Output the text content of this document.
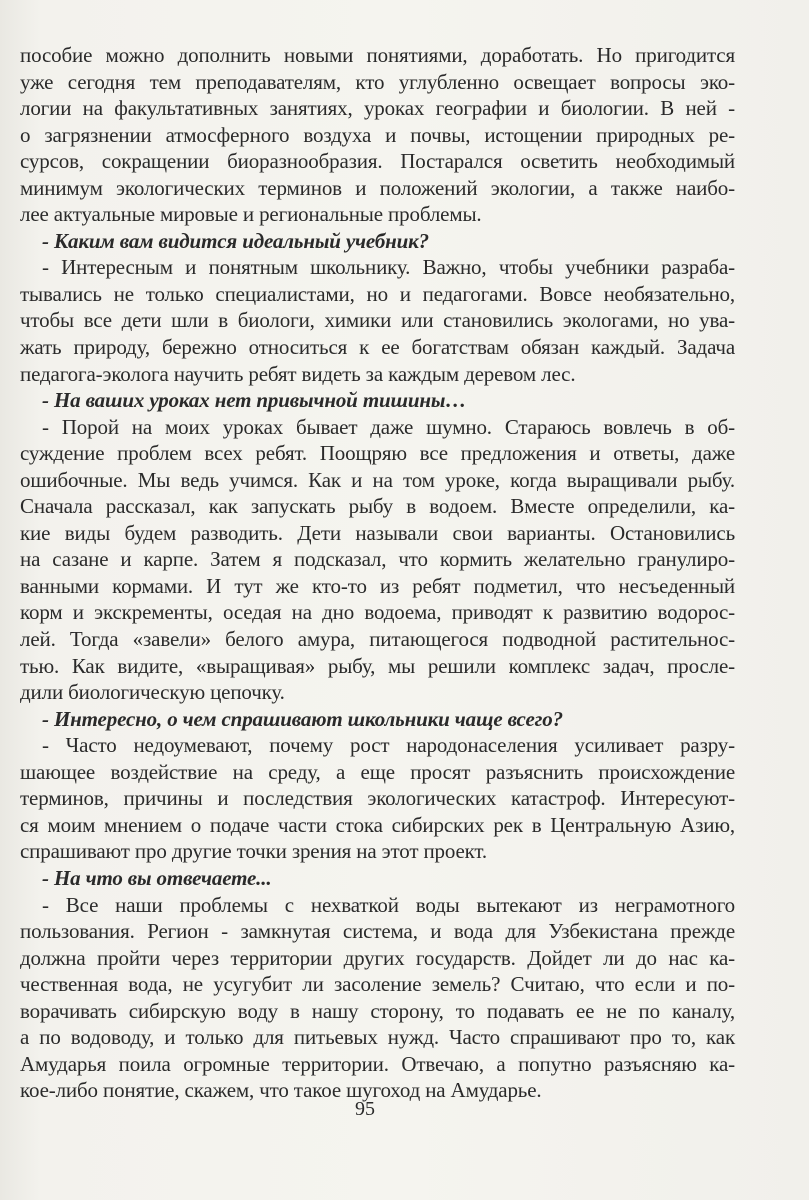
пособие можно дополнить новыми понятиями, доработать. Но пригодится
уже сегодня тем преподавателям, кто углубленно освещает вопросы эко-
логии на факультативных занятиях, уроках географии и биологии. В ней -
о загрязнении атмосферного воздуха и почвы, истощении природных ре-
сурсов, сокращении биоразнообразия. Постарался осветить необходимый
минимум экологических терминов и положений экологии, а также наибо-
лее актуальные мировые и региональные проблемы.
- Каким вам видится идеальный учебник?
- Интересным и понятным школьнику. Важно, чтобы учебники разраба-
тывались не только специалистами, но и педагогами. Вовсе необязательно,
чтобы все дети шли в биологи, химики или становились экологами, но ува-
жать природу, бережно относиться к ее богатствам обязан каждый. Задача
педагога-эколога научить ребят видеть за каждым деревом лес.
- На ваших уроках нет привычной тишины…
- Порой на моих уроках бывает даже шумно. Стараюсь вовлечь в об-
суждение проблем всех ребят. Поощряю все предложения и ответы, даже
ошибочные. Мы ведь учимся. Как и на том уроке, когда выращивали рыбу.
Сначала рассказал, как запускать рыбу в водоем. Вместе определили, ка-
кие виды будем разводить. Дети называли свои варианты. Остановились
на сазане и карпе. Затем я подсказал, что кормить желательно гранулиро-
ванными кормами. И тут же кто-то из ребят подметил, что несъеденный
корм и экскременты, оседая на дно водоема, приводят к развитию водорос-
лей. Тогда «завели» белого амура, питающегося подводной растительнос-
тью. Как видите, «выращивая» рыбу, мы решили комплекс задач, просле-
дили биологическую цепочку.
- Интересно, о чем спрашивают школьники чаще всего?
- Часто недоумевают, почему рост народонаселения усиливает разру-
шающее воздействие на среду, а еще просят разъяснить происхождение
терминов, причины и последствия экологических катастроф. Интересуют-
ся моим мнением о подаче части стока сибирских рек в Центральную Азию,
спрашивают про другие точки зрения на этот проект.
- На что вы отвечаете...
- Все наши проблемы с нехваткой воды вытекают из неграмотного
пользования. Регион - замкнутая система, и вода для Узбекистана прежде
должна пройти через территории других государств. Дойдет ли до нас ка-
чественная вода, не усугубит ли засоление земель? Считаю, что если и по-
ворачивать сибирскую воду в нашу сторону, то подавать ее не по каналу,
а по водоводу, и только для питьевых нужд. Часто спрашивают про то, как
Амударья поила огромные территории. Отвечаю, а попутно разъясняю ка-
кое-либо понятие, скажем, что такое шугоход на Амударье.
95
